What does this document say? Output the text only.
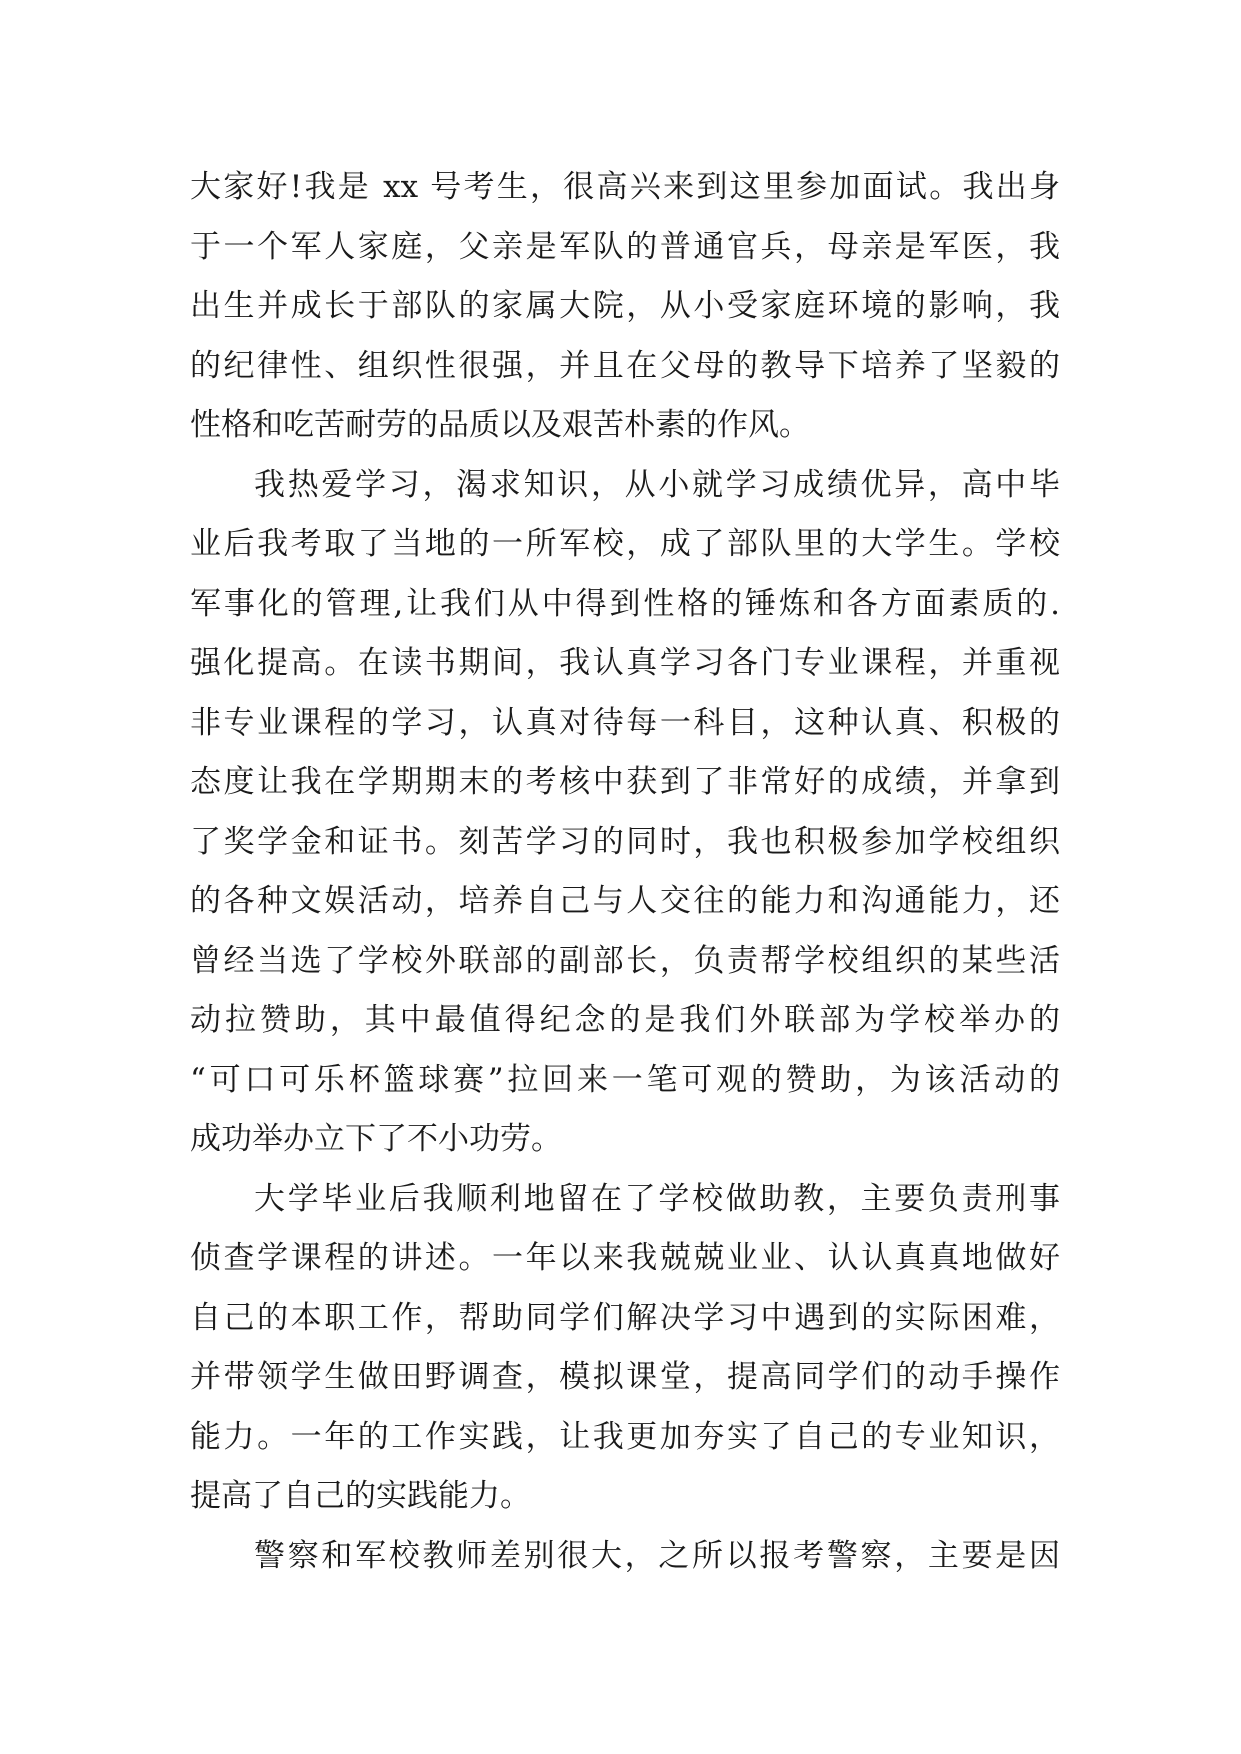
大家好!我是 xx 号考生，很高兴来到这里参加面试。我出身
于一个军人家庭，父亲是军队的普通官兵，母亲是军医，我
出生并成长于部队的家属大院，从小受家庭环境的影响，我
的纪律性、组织性很强，并且在父母的教导下培养了坚毅的
性格和吃苦耐劳的品质以及艰苦朴素的作风。
我热爱学习，渴求知识，从小就学习成绩优异，高中毕
业后我考取了当地的一所军校，成了部队里的大学生。学校
军事化的管理,让我们从中得到性格的锤炼和各方面素质的.
强化提高。在读书期间，我认真学习各门专业课程，并重视
非专业课程的学习，认真对待每一科目，这种认真、积极的
态度让我在学期期末的考核中获到了非常好的成绩，并拿到
了奖学金和证书。刻苦学习的同时，我也积极参加学校组织
的各种文娱活动，培养自己与人交往的能力和沟通能力，还
曾经当选了学校外联部的副部长，负责帮学校组织的某些活
动拉赞助，其中最值得纪念的是我们外联部为学校举办的
“可口可乐杯篮球赛”拉回来一笔可观的赞助，为该活动的
成功举办立下了不小功劳。
大学毕业后我顺利地留在了学校做助教，主要负责刑事
侦查学课程的讲述。一年以来我兢兢业业、认认真真地做好
自己的本职工作，帮助同学们解决学习中遇到的实际困难，
并带领学生做田野调查，模拟课堂，提高同学们的动手操作
能力。一年的工作实践，让我更加夯实了自己的专业知识，
提高了自己的实践能力。
警察和军校教师差别很大，之所以报考警察，主要是因
